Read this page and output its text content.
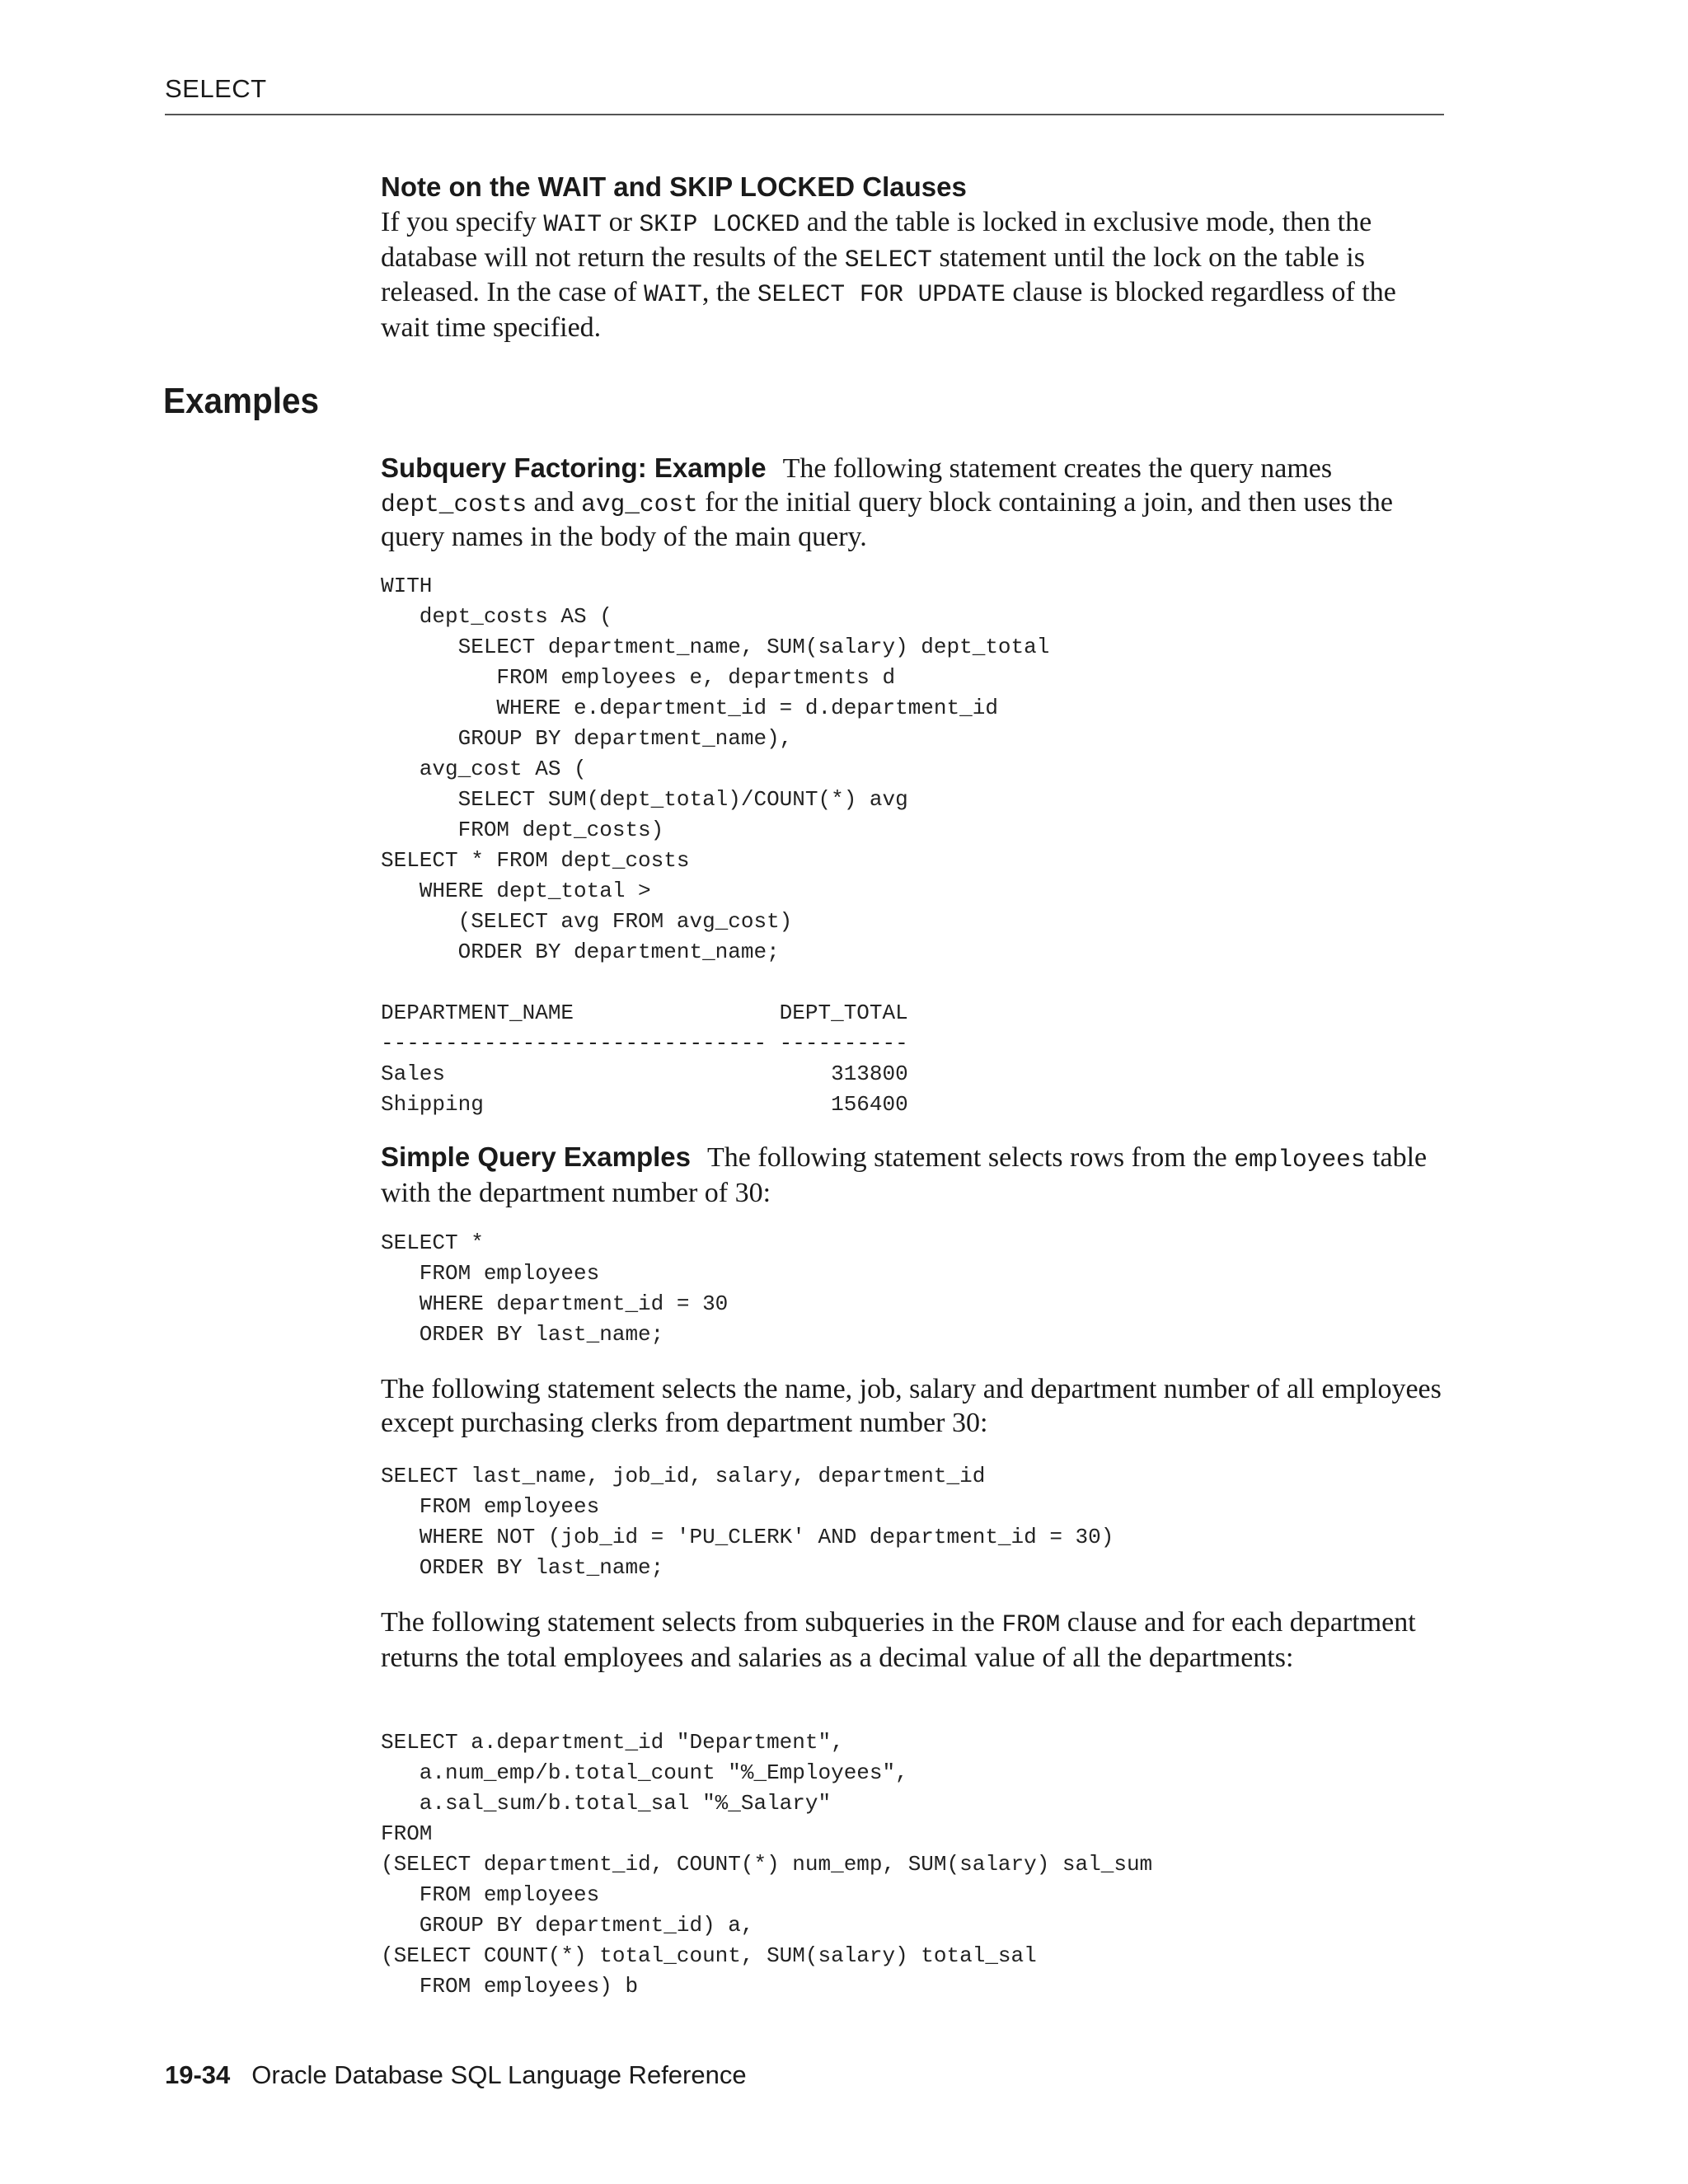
SELECT
Note on the WAIT and SKIP LOCKED Clauses

If you specify WAIT or SKIP LOCKED and the table is locked in exclusive mode, then the database will not return the results of the SELECT statement until the lock on the table is released. In the case of WAIT, the SELECT FOR UPDATE clause is blocked regardless of the wait time specified.

Examples

Subquery Factoring: Example The following statement creates the query names dept_costs and avg_cost for the initial query block containing a join, and then uses the query names in the body of the main query.

WITH
dept_costs AS (
SELECT department_name, SUM(salary) dept_total
FROM employees e, departments d
WHERE e.department_id = d.department_id
GROUP BY department_name),
avg_cost AS (
SELECT SUM(dept_total)/COUNT(*) avg
FROM dept_costs)
SELECT * FROM dept_costs
WHERE dept_total >
(SELECT avg FROM avg_cost)
ORDER BY department_name;

DEPARTMENT_NAME                DEPT_TOTAL
------------------------------ ----------
Sales                              313800
Shipping                           156400

Simple Query Examples The following statement selects rows from the employees table with the department number of 30:

SELECT *
FROM employees
WHERE department_id = 30
ORDER BY last_name;

The following statement selects the name, job, salary and department number of all employees except purchasing clerks from department number 30:

SELECT last_name, job_id, salary, department_id
FROM employees
WHERE NOT (job_id = 'PU_CLERK' AND department_id = 30)
ORDER BY last_name;

The following statement selects from subqueries in the FROM clause and for each department returns the total employees and salaries as a decimal value of all the departments:

SELECT a.department_id "Department",
a.num_emp/b.total_count "%_Employees",
a.sal_sum/b.total_sal "%_Salary"
FROM
(SELECT department_id, COUNT(*) num_emp, SUM(salary) sal_sum
FROM employees
GROUP BY department_id) a,
(SELECT COUNT(*) total_count, SUM(salary) total_sal
FROM employees) b
19-34 Oracle Database SQL Language Reference
